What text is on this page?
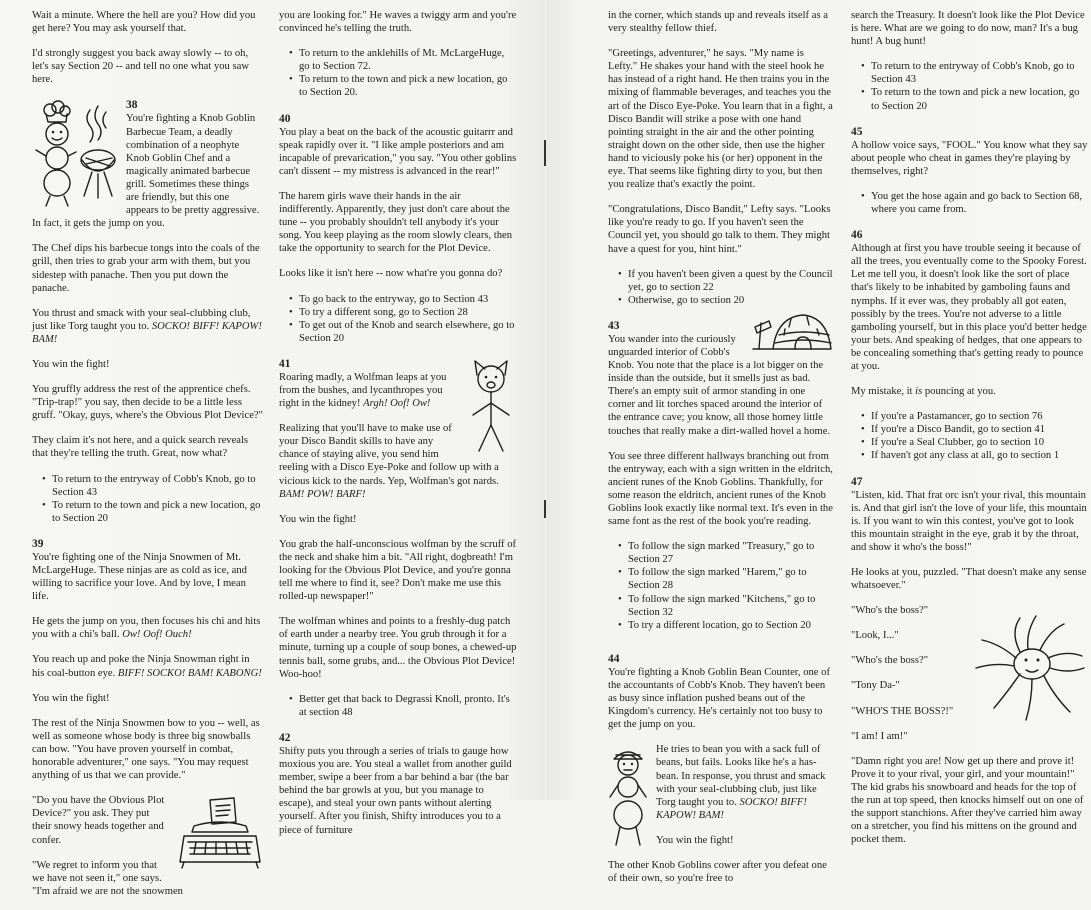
Wait a minute. Where the hell are you? How did you get here? You may ask yourself that.

I'd strongly suggest you back away slowly -- to oh, let's say Section 20 -- and tell no one what you saw here.

38

You're fighting a Knob Goblin Barbecue Team, a deadly combination of a neophyte Knob Goblin Chef and a magically animated barbecue grill. Sometimes these things are friendly, but this one appears to be pretty aggressive. In fact, it gets the jump on you.

The Chef dips his barbecue tongs into the coals of the grill, then tries to grab your arm with them, but you sidestep with panache. Then you put down the panache.

You thrust and smack with your seal-clubbing club, just like Torg taught you to. SOCKO! BIFF! KAPOW! BAM!

You win the fight!

You gruffly address the rest of the apprentice chefs. "Trip-trap!" you say, then decide to be a little less gruff. "Okay, guys, where's the Obvious Plot Device?"

They claim it's not here, and a quick search reveals that they're telling the truth. Great, now what?

• To return to the entryway of Cobb's Knob, go to Section 43
• To return to the town and pick a new location, go to Section 20
39

You're fighting one of the Ninja Snowmen of Mt. McLargeHuge. These ninjas are as cold as ice, and willing to sacrifice your love. And by love, I mean life.

He gets the jump on you, then focuses his chi and hits you with a chi's ball. Ow! Oof! Ouch!

You reach up and poke the Ninja Snowman right in his coal-button eye. BIFF! SOCKO! BAM! KABONG!

You win the fight!

The rest of the Ninja Snowmen bow to you -- well, as well as someone whose body is three big snowballs can bow. "You have proven yourself in combat, honorable adventurer," one says. "You may request anything of us that we can provide."

"Do you have the Obvious Plot Device?" you ask. They put their snowy heads together and confer.

"We regret to inform you that we have not seen it," one says. "I'm afraid we are not the snowmen

you are looking for." He waves a twiggy arm and you're convinced he's telling the truth.

• To return to the anklehills of Mt. McLargeHuge, go to Section 72.
• To return to the town and pick a new location, go to Section 20.
40

You play a beat on the back of the acoustic guitarrr and speak rapidly over it. "I like ample posteriors and am incapable of prevarication," you say. "You other goblins can't dissent -- my mistress is advanced in the rear!"

The harem girls wave their hands in the air indifferently. Apparently, they just don't care about the tune -- you probably shouldn't tell anybody it's your song. You keep playing as the room slowly clears, then take the opportunity to search for the Plot Device.

Looks like it isn't here -- now what're you gonna do?

• To go back to the entryway, go to Section 43
• To try a different song, go to Section 28
• To get out of the Knob and search elsewhere, go to Section 20
41

Roaring madly, a Wolfman leaps at you from the bushes, and lycanthropes you right in the kidney! Argh! Oof! Ow!

Realizing that you'll have to make use of your Disco Bandit skills to have any chance of staying alive, you send him reeling with a Disco Eye-Poke and follow up with a vicious kick to the nards. Yep, Wolfman's got nards. BAM! POW! BARF!

You win the fight!

You grab the half-unconscious wolfman by the scruff of the neck and shake him a bit. "All right, dogbreath! I'm looking for the Obvious Plot Device, and you're gonna tell me where to find it, see? Don't make me use this rolled-up newspaper!"

The wolfman whines and points to a freshly-dug patch of earth under a nearby tree. You grub through it for a minute, turning up a couple of soup bones, a chewed-up tennis ball, some grubs, and... the Obvious Plot Device! Woo-hoo!

• Better get that back to Degrassi Knoll, pronto. It's at section 48
42

Shifty puts you through a series of trials to gauge how moxious you are. You steal a wallet from another guild member, swipe a beer from a bar behind a bar (the bar behind the bar growls at you, but you manage to escape), and steal your own pants without alerting yourself. After you finish, Shifty introduces you to a piece of furniture

in the corner, which stands up and reveals itself as a very stealthy fellow thief.

"Greetings, adventurer," he says. "My name is Lefty." He shakes your hand with the steel hook he has instead of a right hand. He then trains you in the mixing of flammable beverages, and teaches you the art of the Disco Eye-Poke. You learn that in a fight, a Disco Bandit will strike a pose with one hand pointing straight in the air and the other pointing straight down on the other side, then use the higher hand to viciously poke his (or her) opponent in the eye. That seems like fighting dirty to you, but then you realize that's exactly the point.

"Congratulations, Disco Bandit," Lefty says. "Looks like you're ready to go. If you haven't seen the Council yet, you should go talk to them. They might have a quest for you, hint hint."

• If you haven't been given a quest by the Council yet, go to section 22
• Otherwise, go to section 20
43

You wander into the curiously unguarded interior of Cobb's Knob. You note that the place is a lot bigger on the inside than the outside, but it smells just as bad. There's an empty suit of armor standing in one corner and lit torches spaced around the interior of the entrance cave; you know, all those homey little touches that really make a dirt-walled hovel a home.

You see three different hallways branching out from the entryway, each with a sign written in the eldritch, ancient runes of the Knob Goblins. Thankfully, for some reason the eldritch, ancient runes of the Knob Goblins look exactly like normal text. It's even in the same font as the rest of the book you're reading.

• To follow the sign marked "Treasury," go to Section 27
• To follow the sign marked "Harem," go to Section 28
• To follow the sign marked "Kitchens," go to Section 32
• To try a different location, go to Section 20
44

You're fighting a Knob Goblin Bean Counter, one of the accountants of Cobb's Knob. They haven't been as busy since inflation pushed beans out of the Kingdom's currency. He's certainly not too busy to get the jump on you.

He tries to bean you with a sack full of beans, but fails. Looks like he's a has-bean. In response, you thrust and smack with your seal-clubbing club, just like Torg taught you to. SOCKO! BIFF! KAPOW! BAM!

You win the fight!

The other Knob Goblins cower after you defeat one of their own, so you're free to

search the Treasury. It doesn't look like the Plot Device is here. What are we going to do now, man? It's a bug hunt! A bug hunt!

• To return to the entryway of Cobb's Knob, go to Section 43
• To return to the town and pick a new location, go to Section 20
45

A hollow voice says, "FOOL." You know what they say about people who cheat in games they're playing by themselves, right?

• You get the hose again and go back to Section 68, where you came from.
46

Although at first you have trouble seeing it because of all the trees, you eventually come to the Spooky Forest. Let me tell you, it doesn't look like the sort of place that's likely to be inhabited by gamboling fauns and nymphs. If it ever was, they probably all got eaten, possibly by the trees. You're not adverse to a little gamboling yourself, but in this place you'd better hedge your bets. And speaking of hedges, that one appears to be concealing something that's getting ready to pounce at you.

My mistake, it is pouncing at you.

• If you're a Pastamancer, go to section 76
• If you're a Disco Bandit, go to section 41
• If you're a Seal Clubber, go to section 10
• If haven't got any class at all, go to section 1
47

"Listen, kid. That frat orc isn't your rival, this mountain is. And that girl isn't the love of your life, this mountain is. If you want to win this contest, you've got to look this mountain straight in the eye, grab it by the throat, and show it who's the boss!"

He looks at you, puzzled. "That doesn't make any sense whatsoever."

"Who's the boss?"

"Look, I..."

"Who's the boss?"

"Tony Da-"

"WHO'S THE BOSS?!"

"I am! I am!"

"Damn right you are! Now get up there and prove it! Prove it to your rival, your girl, and your mountain!" The kid grabs his snowboard and heads for the top of the run at top speed, then knocks himself out on one of the support stanchions. After they've carried him away on a stretcher, you find his mittens on the ground and pocket them.
